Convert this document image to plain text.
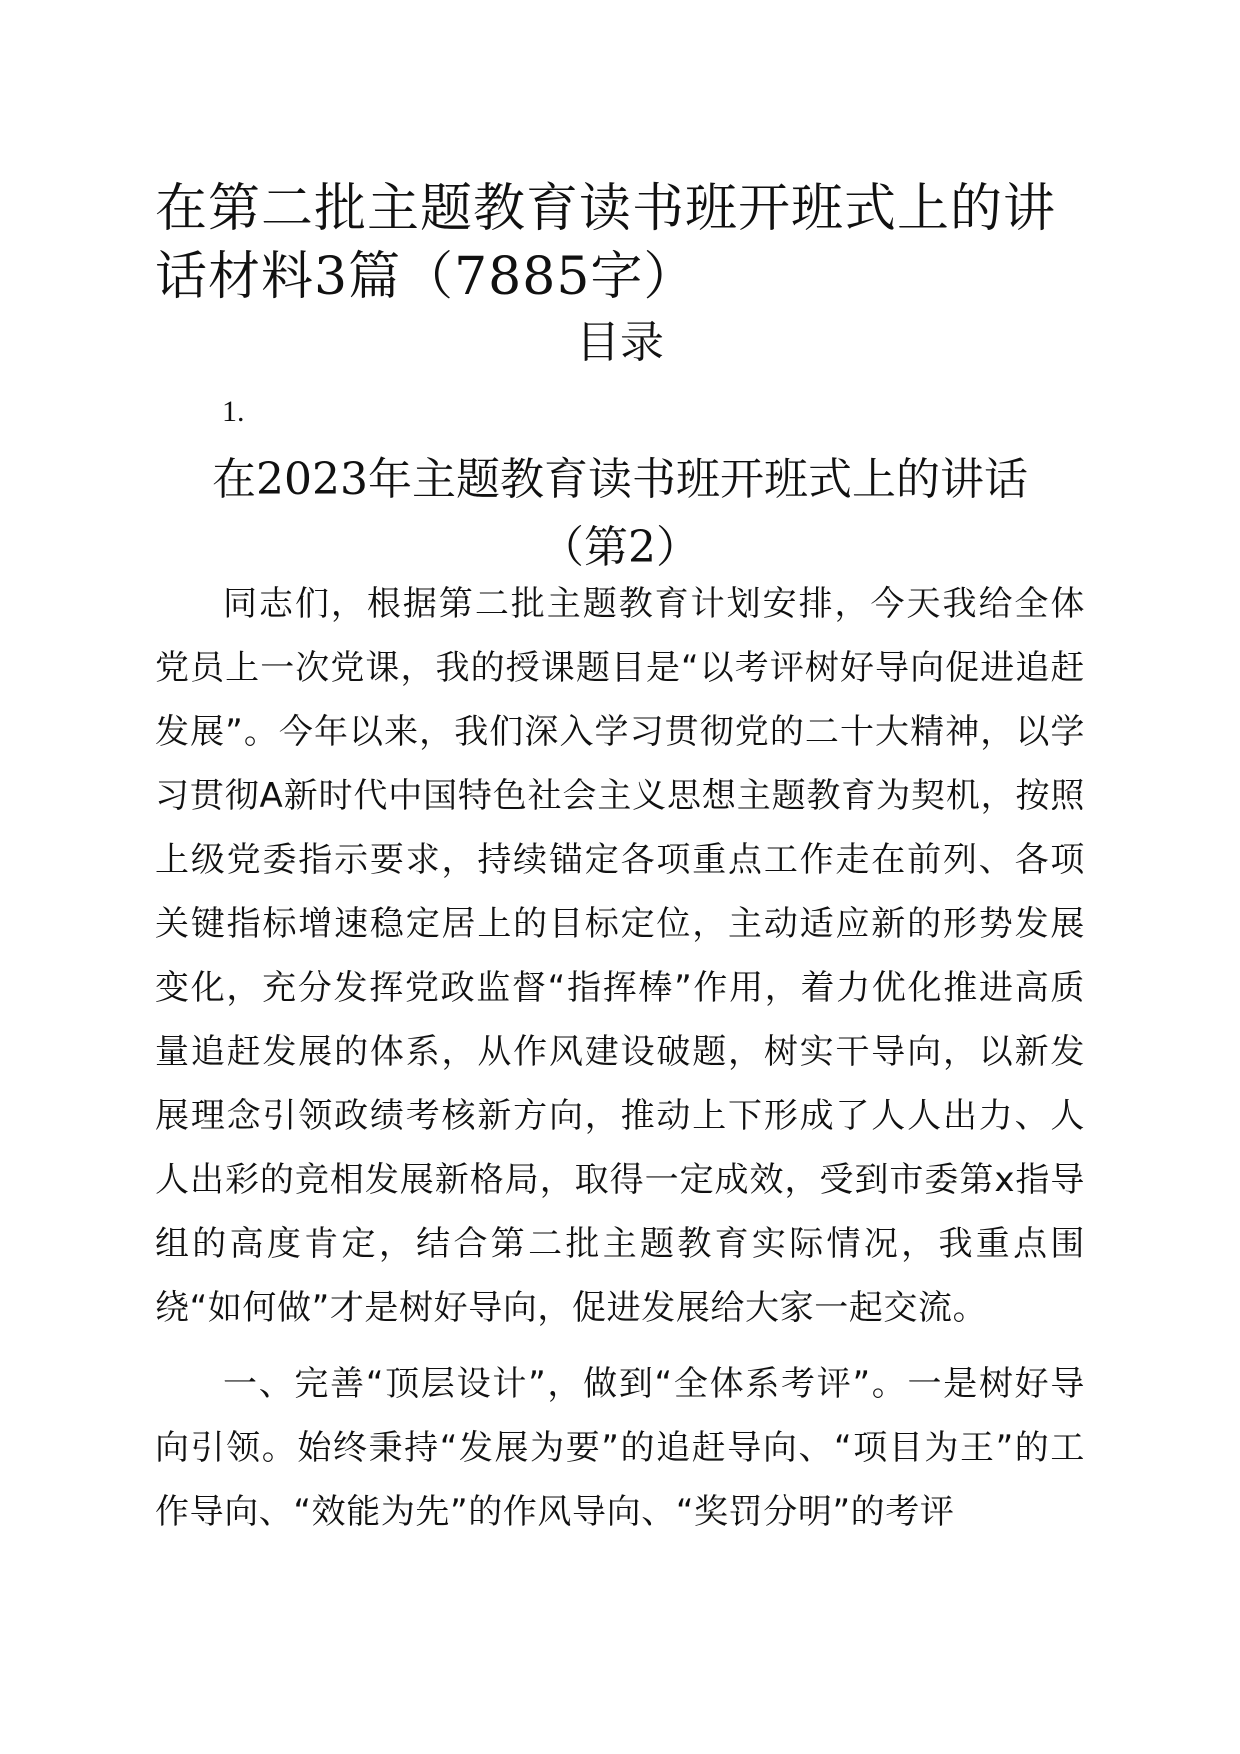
在第二批主题教育读书班开班式上的讲话材料3篇（7885字）
目录
1.
在2023年主题教育读书班开班式上的讲话
（第2）

同志们，根据第二批主题教育计划安排，今天我给全体党员上一次党课，我的授课题目是“以考评树好导向促进追赶发展”。今年以来，我们深入学习贯彻党的二十大精神，以学习贯彻A新时代中国特色社会主义思想主题教育为契机，按照上级党委指示要求，持续锚定各项重点工作走在前列、各项关键指标增速稳定居上的目标定位，主动适应新的形势发展变化，充分发挥党政监督“指挥棒”作用，着力优化推进高质量追赶发展的体系，从作风建设破题，树实干导向，以新发展理念引领政绩考核新方向，推动上下形成了人人出力、人人出彩的竞相发展新格局，取得一定成效，受到市委第x指导组的高度肯定，结合第二批主题教育实际情况，我重点围绕“如何做”才是树好导向，促进发展给大家一起交流。

一、完善“顶层设计”，做到“全体系考评”。一是树好导向引领。始终秉持“发展为要”的追赶导向、“项目为王”的工作导向、“效能为先”的作风导向、“奖罚分明”的考评
